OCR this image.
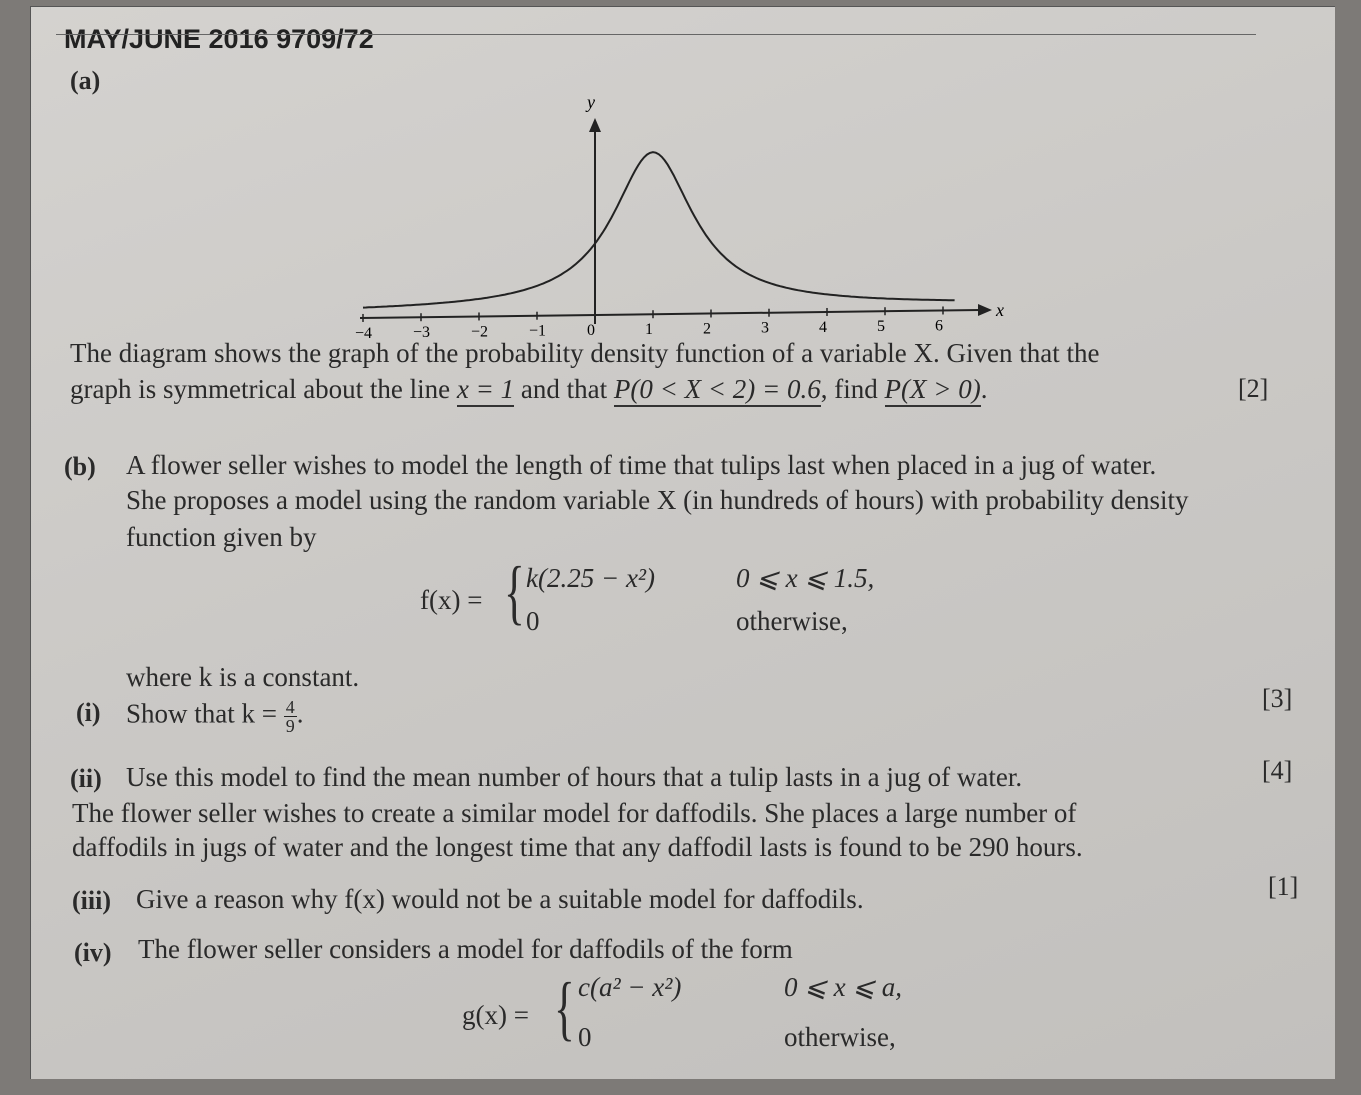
MAY/JUNE 2016 9709/72
(a)
y
x
−4	−3	−2	−1	0	1	2	3	4	5	6
The diagram shows the graph of the probability density function of a variable X. Given that the
graph is symmetrical about the line x = 1 and that P(0 < X < 2) = 0.6, find P(X > 0).	[2]
(b) A flower seller wishes to model the length of time that tulips last when placed in a jug of water.
She proposes a model using the random variable X (in hundreds of hours) with probability density
function given by
f(x) = { k(2.25 − x²)	0 ⩽ x ⩽ 1.5,
0	otherwise,
where k is a constant.
(i) Show that $k = \frac{4}{9}$ .
[3]
(ii) Use this model to find the mean number of hours that a tulip lasts in a jug of water.	[4]
The flower seller wishes to create a similar model for daffodils. She places a large number of
daffodils in jugs of water and the longest time that any daffodil lasts is found to be 290 hours.
(iii) Give a reason why f(x) would not be a suitable model for daffodils.	[1]
(iv) The flower seller considers a model for daffodils of the form
g(x) = { c(a² − x²)	0 ⩽ x ⩽ a,
0	otherwise,
